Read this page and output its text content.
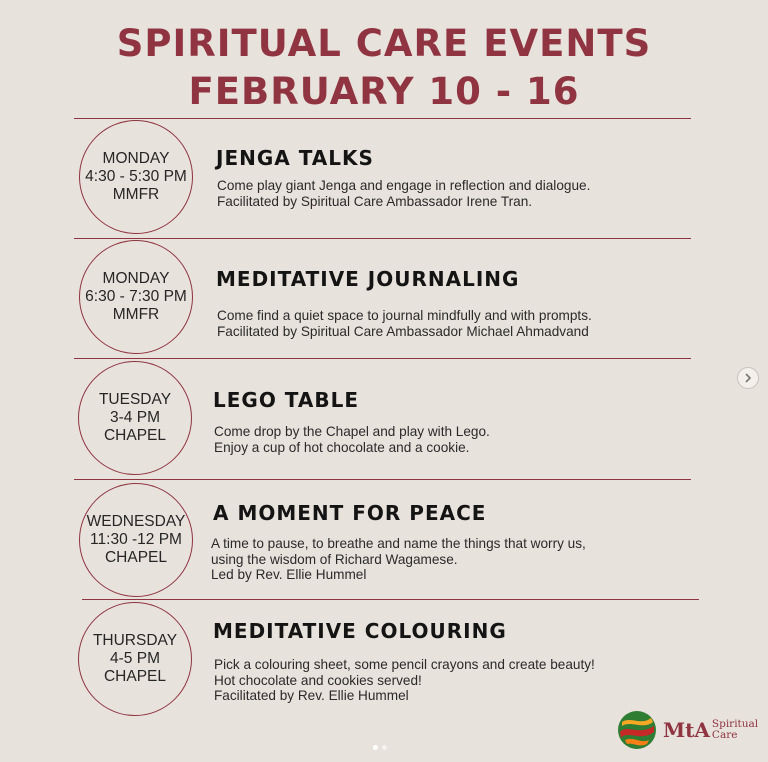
SPIRITUAL CARE EVENTS
FEBRUARY 10 - 16
MONDAY
4:30 - 5:30 PM
MMFR
JENGA TALKS
Come play giant Jenga and engage in reflection and dialogue.
Facilitated by Spiritual Care Ambassador Irene Tran.
MONDAY
6:30 - 7:30 PM
MMFR
MEDITATIVE JOURNALING
Come find a quiet space to journal mindfully and with prompts.
Facilitated by Spiritual Care Ambassador Michael Ahmadvand
TUESDAY
3-4 PM
CHAPEL
LEGO TABLE
Come drop by the Chapel and play with Lego.
Enjoy a cup of hot chocolate and a cookie.
WEDNESDAY
11:30 -12 PM
CHAPEL
A MOMENT FOR PEACE
A time to pause, to breathe and name the things that worry us,
using the wisdom of Richard Wagamese.
Led by Rev. Ellie Hummel
THURSDAY
4-5 PM
CHAPEL
MEDITATIVE COLOURING
Pick a colouring sheet, some pencil crayons and create beauty!
Hot chocolate and cookies served!
Facilitated by Rev. Ellie Hummel
MtA Spiritual
Care
